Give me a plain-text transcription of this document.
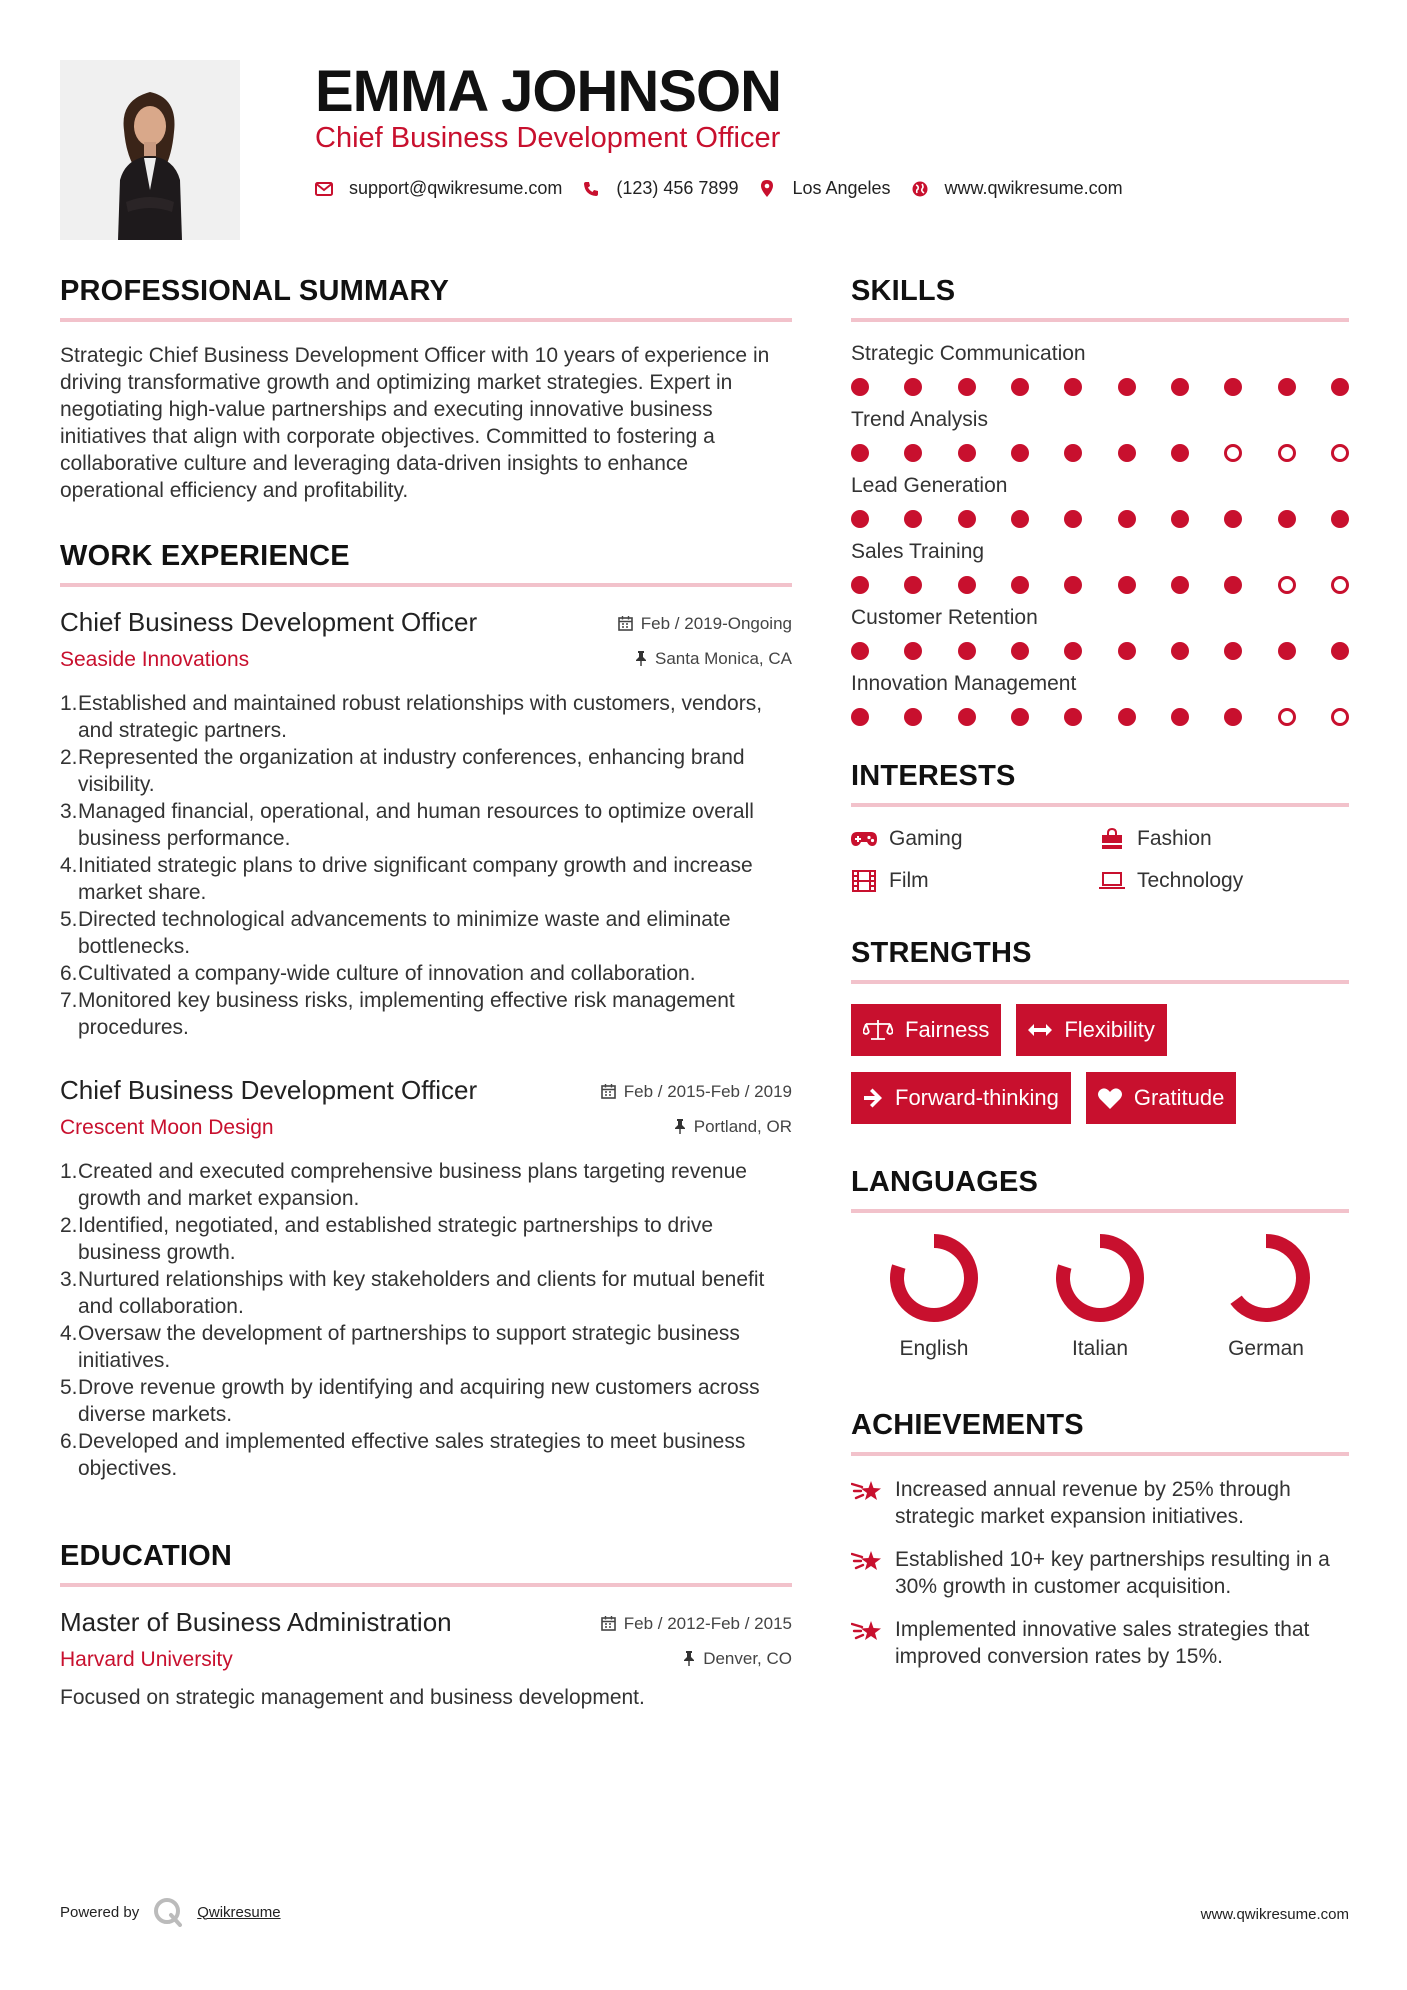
EMMA JOHNSON
Chief Business Development Officer
support@qwikresume.com	(123) 456 7899	Los Angeles	www.qwikresume.com
PROFESSIONAL SUMMARY

Strategic Chief Business Development Officer with 10 years of experience in driving transformative growth and optimizing market strategies. Expert in negotiating high-value partnerships and executing innovative business initiatives that align with corporate objectives. Committed to fostering a collaborative culture and leveraging data-driven insights to enhance operational efficiency and profitability.

WORK EXPERIENCE
Chief Business Development Officer	Feb / 2019-Ongoing
Seaside Innovations	Santa Monica, CA
1. Established and maintained robust relationships with customers, vendors, and strategic partners.
2. Represented the organization at industry conferences, enhancing brand visibility.
3. Managed financial, operational, and human resources to optimize overall business performance.
4. Initiated strategic plans to drive significant company growth and increase market share.
5. Directed technological advancements to minimize waste and eliminate bottlenecks.
6. Cultivated a company-wide culture of innovation and collaboration.
7. Monitored key business risks, implementing effective risk management procedures.
Chief Business Development Officer	Feb / 2015-Feb / 2019
Crescent Moon Design	Portland, OR
1. Created and executed comprehensive business plans targeting revenue growth and market expansion.
2. Identified, negotiated, and established strategic partnerships to drive business growth.
3. Nurtured relationships with key stakeholders and clients for mutual benefit and collaboration.
4. Oversaw the development of partnerships to support strategic business initiatives.
5. Drove revenue growth by identifying and acquiring new customers across diverse markets.
6. Developed and implemented effective sales strategies to meet business objectives.
EDUCATION
Master of Business Administration	Feb / 2012-Feb / 2015
Harvard University	Denver, CO

Focused on strategic management and business development.

SKILLS
Strategic Communication
Trend Analysis
Lead Generation
Sales Training
Customer Retention
Innovation Management
INTERESTS
Gaming	Fashion
Film	Technology
STRENGTHS
Fairness	Flexibility
Forward-thinking	Gratitude
LANGUAGES
English	Italian	German
ACHIEVEMENTS
Increased annual revenue by 25% through strategic market expansion initiatives.
Established 10+ key partnerships resulting in a 30% growth in customer acquisition.
Implemented innovative sales strategies that improved conversion rates by 15%.
Powered by	Qwikresume	www.qwikresume.com
